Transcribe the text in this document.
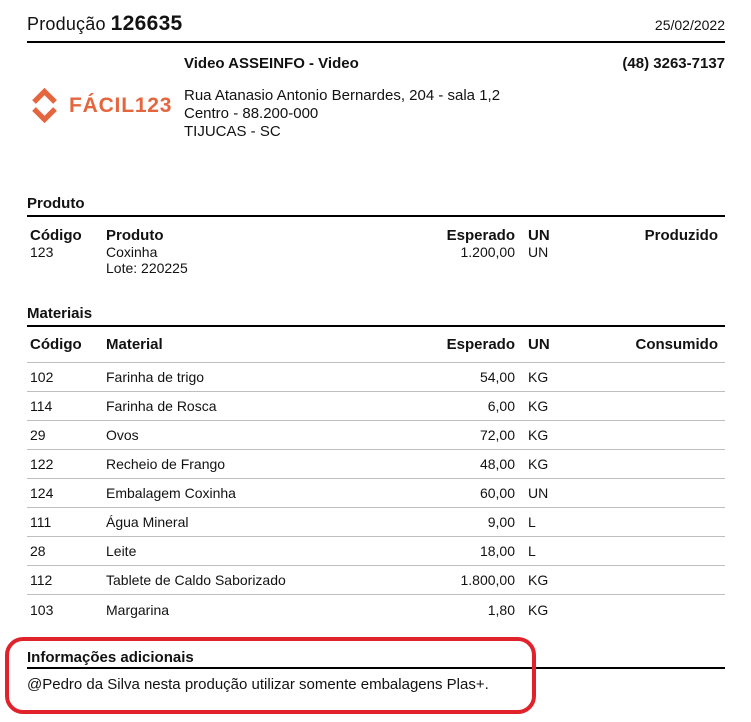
Produção 126635	25/02/2022
FÁCIL123
Video ASSEINFO - Video	(48) 3263-7137
Rua Atanasio Antonio Bernardes, 204 - sala 1,2
Centro - 88.200-000
TIJUCAS - SC
Produto
Código	Produto	Esperado UN	Produzido
123	Coxinha	1.200,00 UN
Lote: 220225
Materiais
Código	Material	Esperado UN	Consumido
102	Farinha de trigo	54,00 KG
114	Farinha de Rosca	6,00 KG
29	Ovos	72,00 KG
122	Recheio de Frango	48,00 KG
124	Embalagem Coxinha	60,00 UN
111	Água Mineral	9,00 L
28	Leite	18,00 L
112	Tablete de Caldo Saborizado	1.800,00 KG
103	Margarina	1,80 KG
Informações adicionais
@Pedro da Silva nesta produção utilizar somente embalagens Plas+.
